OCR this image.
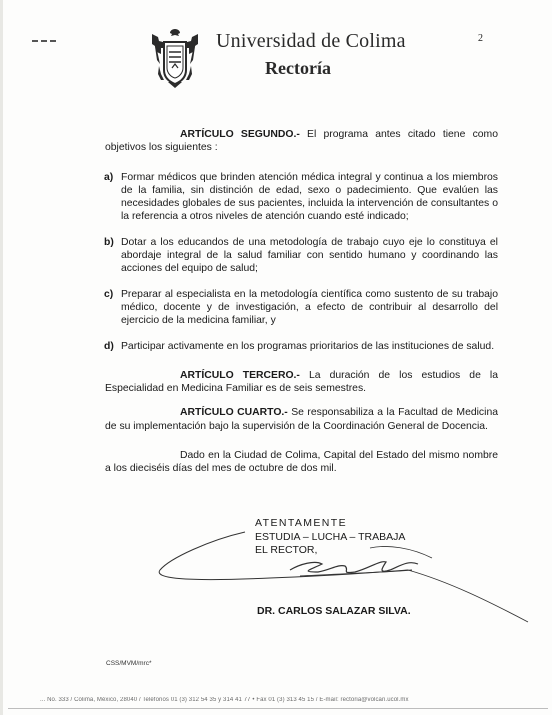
Universidad de Colima
Rectoría
2

ARTÍCULO SEGUNDO.- El programa antes citado tiene como objetivos los siguientes :

a) Formar médicos que brinden atención médica integral y continua a los miembros de la familia, sin distinción de edad, sexo o padecimiento. Que evalúen las necesidades globales de sus pacientes, incluida la intervención de consultantes o la referencia a otros niveles de atención cuando esté indicado;

b) Dotar a los educandos de una metodología de trabajo cuyo eje lo constituya el abordaje integral de la salud familiar con sentido humano y coordinando las acciones del equipo de salud;

c) Preparar al especialista en la metodología científica como sustento de su trabajo médico, docente y de investigación, a efecto de contribuir al desarrollo del ejercicio de la medicina familiar, y

d) Participar activamente en los programas prioritarios de las instituciones de salud.

ARTÍCULO TERCERO.- La duración de los estudios de la Especialidad en Medicina Familiar es de seis semestres.

ARTÍCULO CUARTO.- Se responsabiliza a la Facultad de Medicina de su implementación bajo la supervisión de la Coordinación General de Docencia.

Dado en la Ciudad de Colima, Capital del Estado del mismo nombre a los dieciséis días del mes de octubre de dos mil.

ATENTAMENTE
ESTUDIA – LUCHA – TRABAJA
EL RECTOR,
DR. CARLOS SALAZAR SILVA.
CSS/MVM/mrc*
... No. 333 / Colima, México, 28040 / Teléfonos 01 (3) 312 54 35 y 314 41 77 • Fax 01 (3) 313 45 15 / E-mail: rectoria@volcan.ucol.mx
